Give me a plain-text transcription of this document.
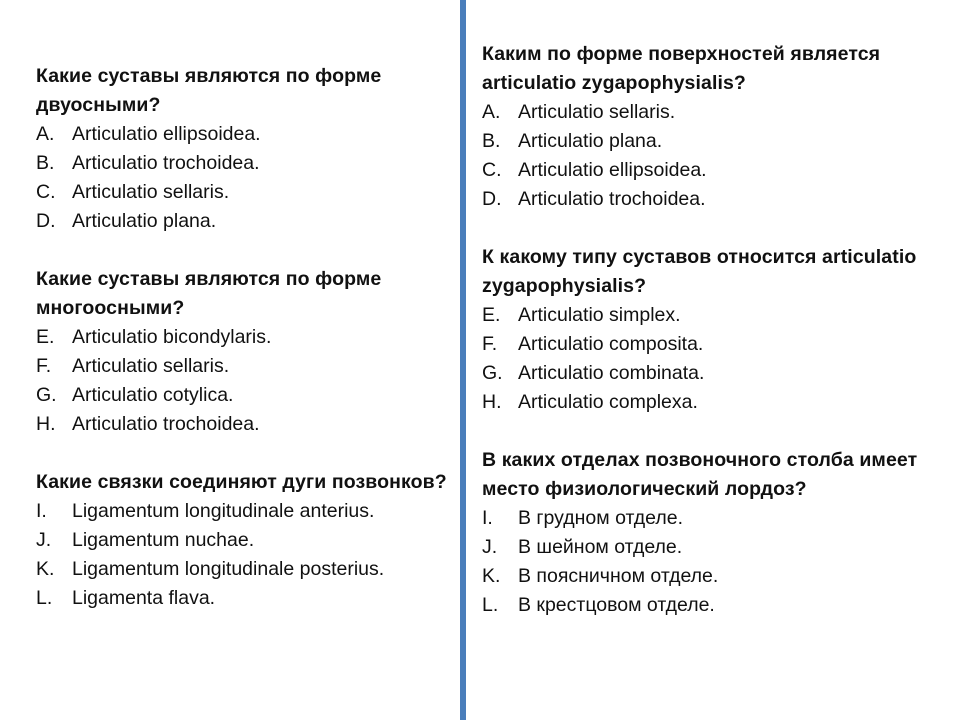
Какие суставы являются по форме двуосными?

A. Articulatio ellipsoidea.
B. Articulatio trochoidea.
C. Articulatio sellaris.
D. Articulatio plana.

Какие суставы являются по форме многоосными?

E. Articulatio bicondylaris.
F.	Articulatio sellaris.
G. Articulatio cotylica.
H. Articulatio trochoidea.

Какие связки соединяют дуги позвонков?

I.	Ligamentum longitudinale anterius.
J.	Ligamentum nuchae.
K. Ligamentum longitudinale posterius.
L.	Ligamenta flava.

Каким по форме поверхностей является articulatio zygapophysialis?

A. Articulatio sellaris.
B. Articulatio plana.
C. Articulatio ellipsoidea.
D. Articulatio trochoidea.

К какому типу суставов относится articulatio zygapophysialis?

E. Articulatio simplex.
F.	Articulatio composita.
G. Articulatio combinata.
H. Articulatio complexa.

В каких отделах позвоночного столба имеет место физиологический лордоз?

I.	В грудном отделе.
J.	В шейном отделе.
K. В поясничном отделе.
L.	В крестцовом отделе.
